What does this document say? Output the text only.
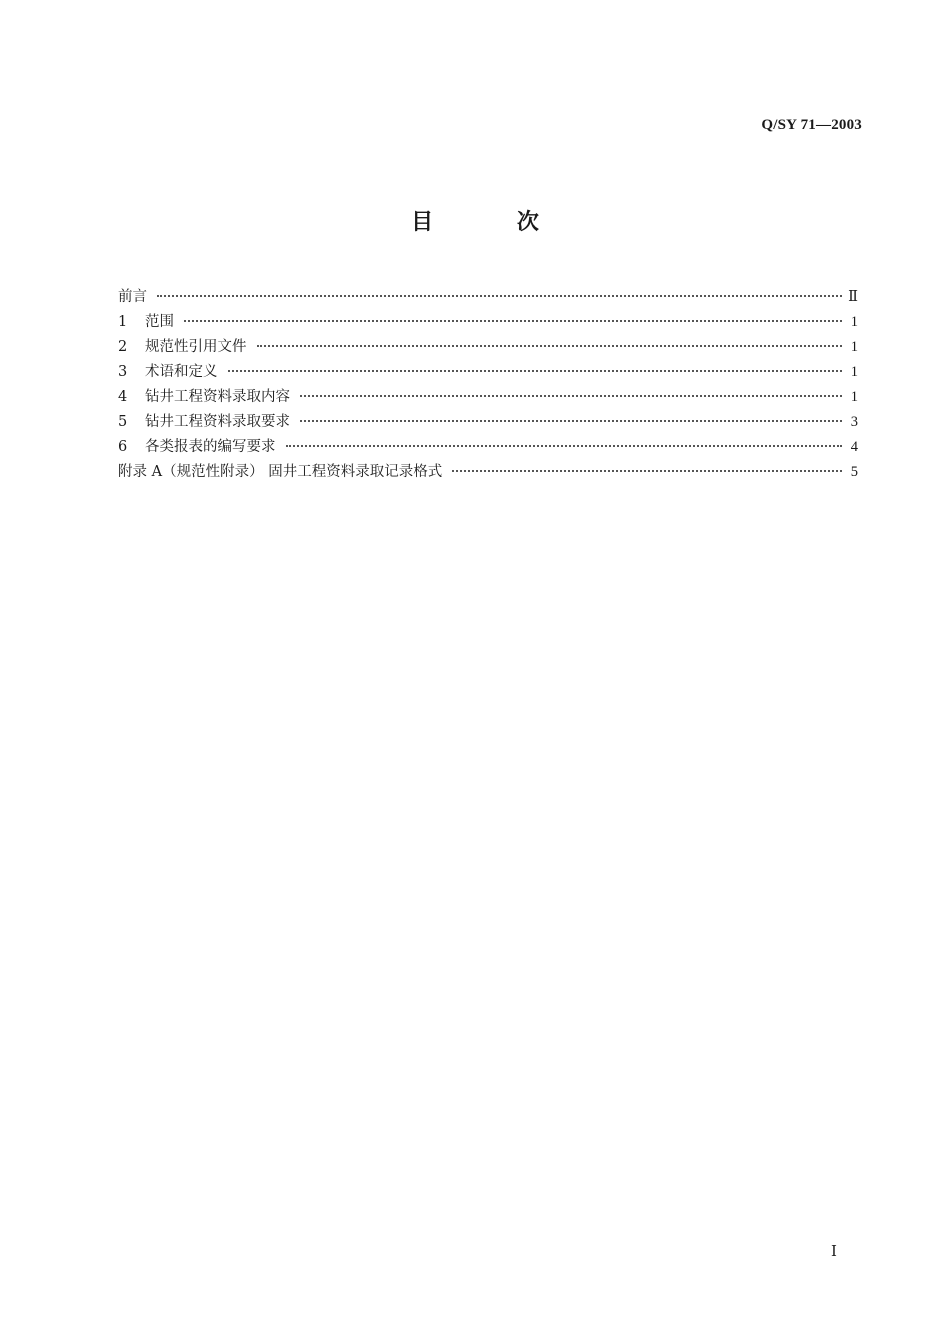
Q/SY 71—2003
目 次
前言	Ⅱ
1	范围	1
2	规范性引用文件	1
3	术语和定义	1
4	钻井工程资料录取内容	1
5	钻井工程资料录取要求	3
6	各类报表的编写要求	4
附录 A（规范性附录） 固井工程资料录取记录格式	5
Ⅰ
